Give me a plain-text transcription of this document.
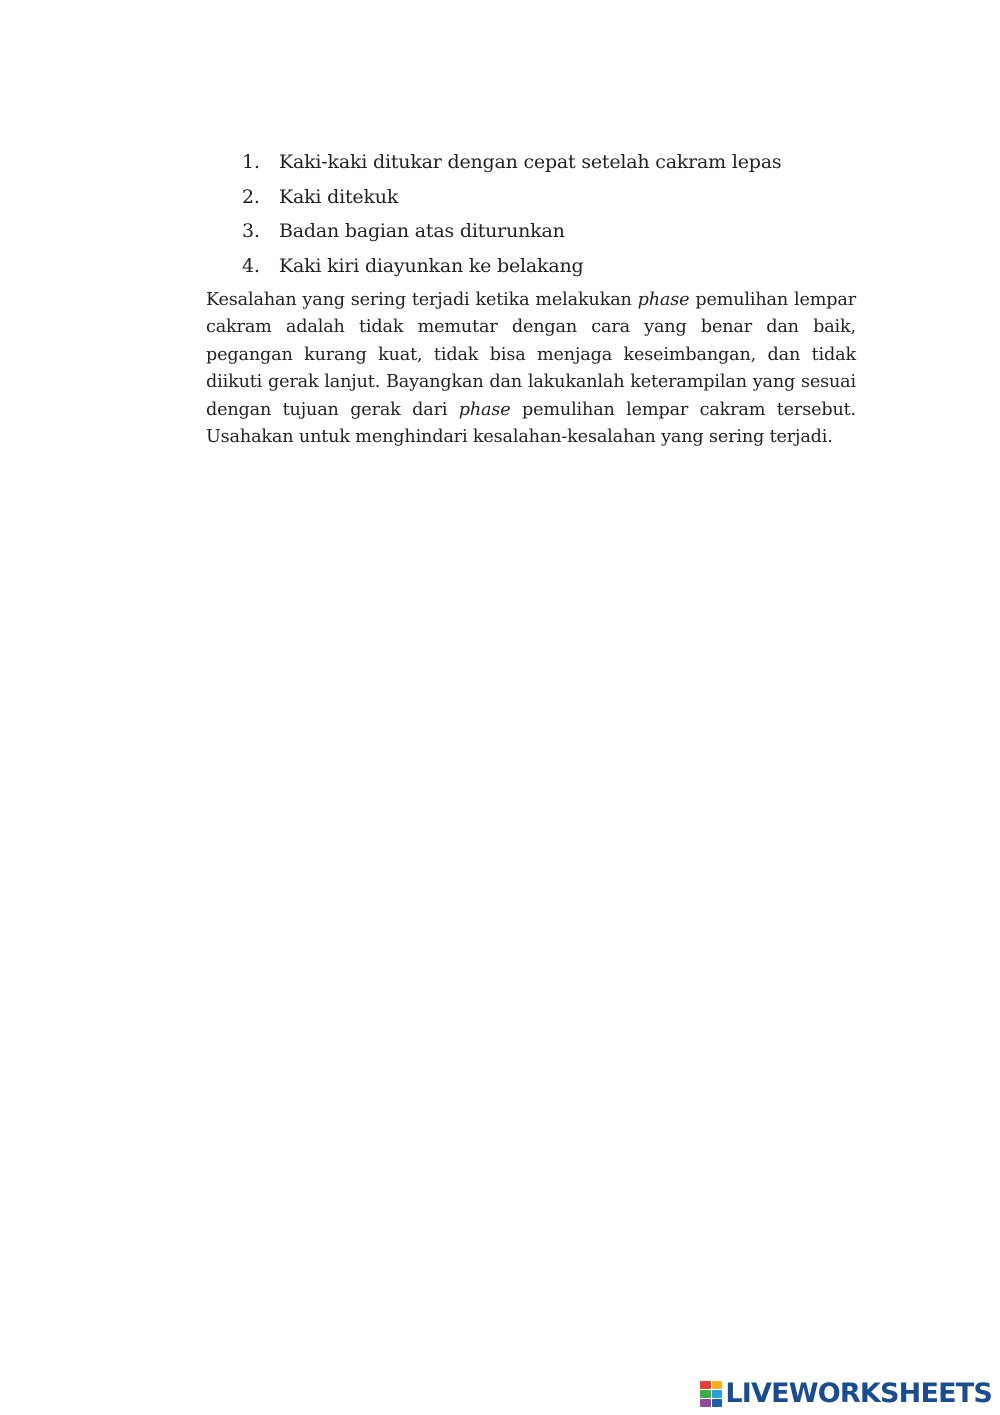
1.	Kaki-kaki ditukar dengan cepat setelah cakram lepas
2.	Kaki ditekuk
3.	Badan bagian atas diturunkan
4.	Kaki kiri diayunkan ke belakang

Kesalahan yang sering terjadi ketika melakukan phase pemulihan lempar cakram adalah tidak memutar dengan cara yang benar dan baik, pegangan kurang kuat, tidak bisa menjaga keseimbangan, dan tidak diikuti gerak lanjut. Bayangkan dan lakukanlah keterampilan yang sesuai dengan tujuan gerak dari phase pemulihan lempar cakram tersebut. Usahakan untuk menghindari kesalahan-kesalahan yang sering terjadi.

LIVEWORKSHEETS
